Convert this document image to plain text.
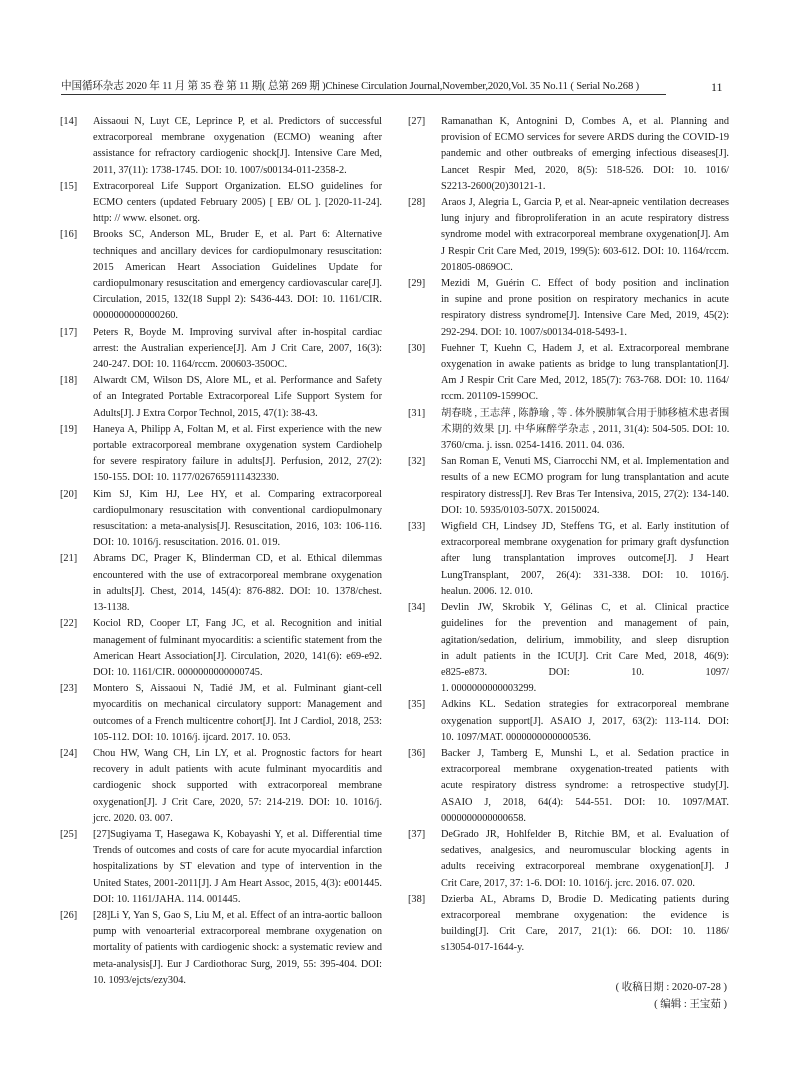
中国循环杂志 2020 年 11 月 第 35 卷 第 11 期( 总第 269 期 )Chinese Circulation Journal,November,2020,Vol. 35 No.11 ( Serial No.268 )	11
[14]	Aissaoui N, Luyt CE, Leprince P, et al. Predictors of successful
extracorporeal membrane oxygenation (ECMO) weaning after
assistance for refractory cardiogenic shock[J]. Intensive Care Med,
2011, 37(11): 1738-1745. DOI: 10. 1007/s00134-011-2358-2.
[15]	Extracorporeal Life Support Organization. ELSO guidelines for
ECMO centers (updated February 2005) [ EB/ OL ]. [2020-11-24].
http: // www. elsonet. org.
[16]	Brooks SC, Anderson ML, Bruder E, et al. Part 6: Alternative
techniques and ancillary devices for cardiopulmonary resuscitation:
2015 American Heart Association Guidelines Update for
cardiopulmonary resuscitation and emergency cardiovascular care[J].
Circulation, 2015, 132(18 Suppl 2): S436-443. DOI: 10. 1161/CIR.
0000000000000260.
[17]	Peters R, Boyde M. Improving survival after in-hospital cardiac
arrest: the Australian experience[J]. Am J Crit Care, 2007, 16(3):
240-247. DOI: 10. 1164/rccm. 200603-350OC.
[18]	Alwardt CM, Wilson DS, Alore ML, et al. Performance and Safety
of an Integrated Portable Extracorporeal Life Support System for
Adults[J]. J Extra Corpor Technol, 2015, 47(1): 38-43.
[19]	Haneya A, Philipp A, Foltan M, et al. First experience with the new
portable extracorporeal membrane oxygenation system Cardiohelp
for severe respiratory failure in adults[J]. Perfusion, 2012, 27(2):
150-155. DOI: 10. 1177/0267659111432330.
[20]	Kim SJ, Kim HJ, Lee HY, et al. Comparing extracorporeal
cardiopulmonary resuscitation with conventional cardiopulmonary
resuscitation: a meta-analysis[J]. Resuscitation, 2016, 103: 106-116.
DOI: 10. 1016/j. resuscitation. 2016. 01. 019.
[21]	Abrams DC, Prager K, Blinderman CD, et al. Ethical dilemmas
encountered with the use of extracorporeal membrane oxygenation
in adults[J]. Chest, 2014, 145(4): 876-882. DOI: 10. 1378/chest.
13-1138.
[22]	Kociol RD, Cooper LT, Fang JC, et al. Recognition and initial
management of fulminant myocarditis: a scientific statement from the
American Heart Association[J]. Circulation, 2020, 141(6): e69-e92.
DOI: 10. 1161/CIR. 0000000000000745.
[23]	Montero S, Aissaoui N, Tadié JM, et al. Fulminant giant-cell
myocarditis on mechanical circulatory support: Management and
outcomes of a French multicentre cohort[J]. Int J Cardiol, 2018, 253:
105-112. DOI: 10. 1016/j. ijcard. 2017. 10. 053.
[24]	Chou HW, Wang CH, Lin LY, et al. Prognostic factors for heart
recovery in adult patients with acute fulminant myocarditis and
cardiogenic shock supported with extracorporeal membrane
oxygenation[J]. J Crit Care, 2020, 57: 214-219. DOI: 10. 1016/j.
jcrc. 2020. 03. 007.
[25]	[27]Sugiyama T, Hasegawa K, Kobayashi Y, et al. Differential time
Trends of outcomes and costs of care for acute myocardial infarction
hospitalizations by ST elevation and type of intervention in the
United States, 2001-2011[J]. J Am Heart Assoc, 2015, 4(3): e001445.
DOI: 10. 1161/JAHA. 114. 001445.
[26]	[28]Li Y, Yan S, Gao S, Liu M, et al. Effect of an intra-aortic balloon
pump with venoarterial extracorporeal membrane oxygenation on
mortality of patients with cardiogenic shock: a systematic review and
meta-analysis[J]. Eur J Cardiothorac Surg, 2019, 55: 395-404. DOI:
10. 1093/ejcts/ezy304.
[27]	Ramanathan K, Antognini D, Combes A, et al. Planning and
provision of ECMO services for severe ARDS during the COVID-19
pandemic and other outbreaks of emerging infectious diseases[J].
Lancet Respir Med, 2020, 8(5): 518-526. DOI: 10. 1016/
S2213-2600(20)30121-1.
[28]	Araos J, Alegria L, Garcia P, et al. Near-apneic ventilation decreases
lung injury and fibroproliferation in an acute respiratory distress
syndrome model with extracorporeal membrane oxygenation[J]. Am
J Respir Crit Care Med, 2019, 199(5): 603-612. DOI: 10. 1164/rccm.
201805-0869OC.
[29]	Mezidi M, Guérin C. Effect of body position and inclination
in supine and prone position on respiratory mechanics in acute
respiratory distress syndrome[J]. Intensive Care Med, 2019, 45(2):
292-294. DOI: 10. 1007/s00134-018-5493-1.
[30]	Fuehner T, Kuehn C, Hadem J, et al. Extracorporeal membrane
oxygenation in awake patients as bridge to lung transplantation[J].
Am J Respir Crit Care Med, 2012, 185(7): 763-768. DOI: 10. 1164/
rccm. 201109-1599OC.
[31]	胡春晓 , 王志萍 , 陈静瑜 , 等 . 体外膜肺氧合用于肺移植术患者围
术期的效果 [J]. 中华麻醉学杂志 , 2011, 31(4): 504-505. DOI: 10.
3760/cma. j. issn. 0254-1416. 2011. 04. 036.
[32]	San Roman E, Venuti MS, Ciarrocchi NM, et al. Implementation and
results of a new ECMO program for lung transplantation and acute
respiratory distress[J]. Rev Bras Ter Intensiva, 2015, 27(2): 134-140.
DOI: 10. 5935/0103-507X. 20150024.
[33]	Wigfield CH, Lindsey JD, Steffens TG, et al. Early institution of
extracorporeal membrane oxygenation for primary graft dysfunction
after lung transplantation improves outcome[J]. J Heart
LungTransplant, 2007, 26(4): 331-338. DOI: 10. 1016/j.
healun. 2006. 12. 010.
[34]	Devlin JW, Skrobik Y, Gélinas C, et al. Clinical practice
guidelines for the prevention and management of pain,
agitation/sedation, delirium, immobility, and sleep disruption
in adult patients in the ICU[J]. Crit Care Med, 2018, 46(9):
e825-e873. DOI: 10. 1097/
1. 0000000000003299.
[35]	Adkins KL. Sedation strategies for extracorporeal membrane
oxygenation support[J]. ASAIO J, 2017, 63(2): 113-114. DOI:
10. 1097/MAT. 0000000000000536.
[36]	Backer J, Tamberg E, Munshi L, et al. Sedation practice in
extracorporeal membrane oxygenation-treated patients with
acute respiratory distress syndrome: a retrospective study[J].
ASAIO J, 2018, 64(4): 544-551. DOI: 10. 1097/MAT.
0000000000000658.
[37]	DeGrado JR, Hohlfelder B, Ritchie BM, et al. Evaluation of
sedatives, analgesics, and neuromuscular blocking agents in
adults receiving extracorporeal membrane oxygenation[J]. J
Crit Care, 2017, 37: 1-6. DOI: 10. 1016/j. jcrc. 2016. 07. 020.
[38]	Dzierba AL, Abrams D, Brodie D. Medicating patients during
extracorporeal membrane oxygenation: the evidence is
building[J]. Crit Care, 2017, 21(1): 66. DOI: 10. 1186/
s13054-017-1644-y.
( 收稿日期 : 2020-07-28 )
( 编辑 : 王宝茹 )
